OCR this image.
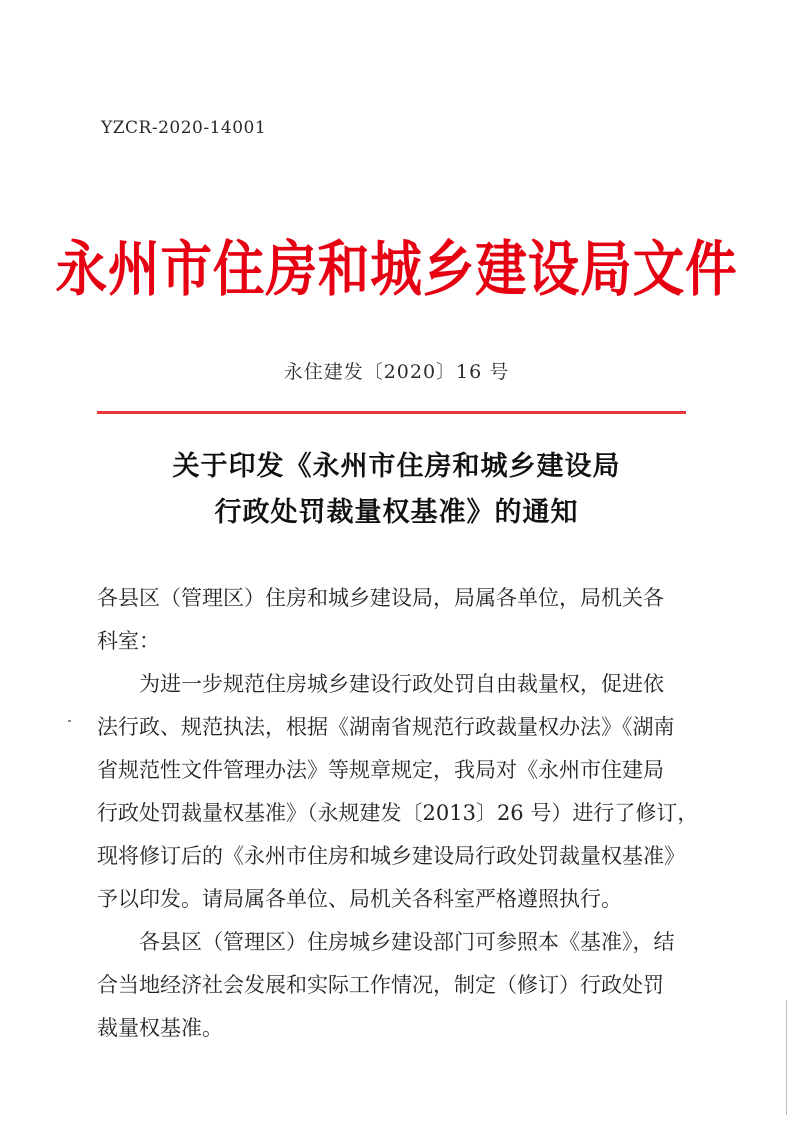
YZCR-2020-14001
永州市住房和城乡建设局文件
永住建发〔2020〕16 号
关于印发《永州市住房和城乡建设局
行政处罚裁量权基准》的通知
各县区（管理区）住房和城乡建设局，局属各单位，局机关各
科室：
　　为进一步规范住房城乡建设行政处罚自由裁量权，促进依
法行政、规范执法，根据《湖南省规范行政裁量权办法》《湖南
省规范性文件管理办法》等规章规定，我局对《永州市住建局
行政处罚裁量权基准》（永规建发〔2013〕26 号）进行了修订，
现将修订后的《永州市住房和城乡建设局行政处罚裁量权基准》
予以印发。请局属各单位、局机关各科室严格遵照执行。
　　各县区（管理区）住房城乡建设部门可参照本《基准》，结
合当地经济社会发展和实际工作情况，制定（修订）行政处罚
裁量权基准。
